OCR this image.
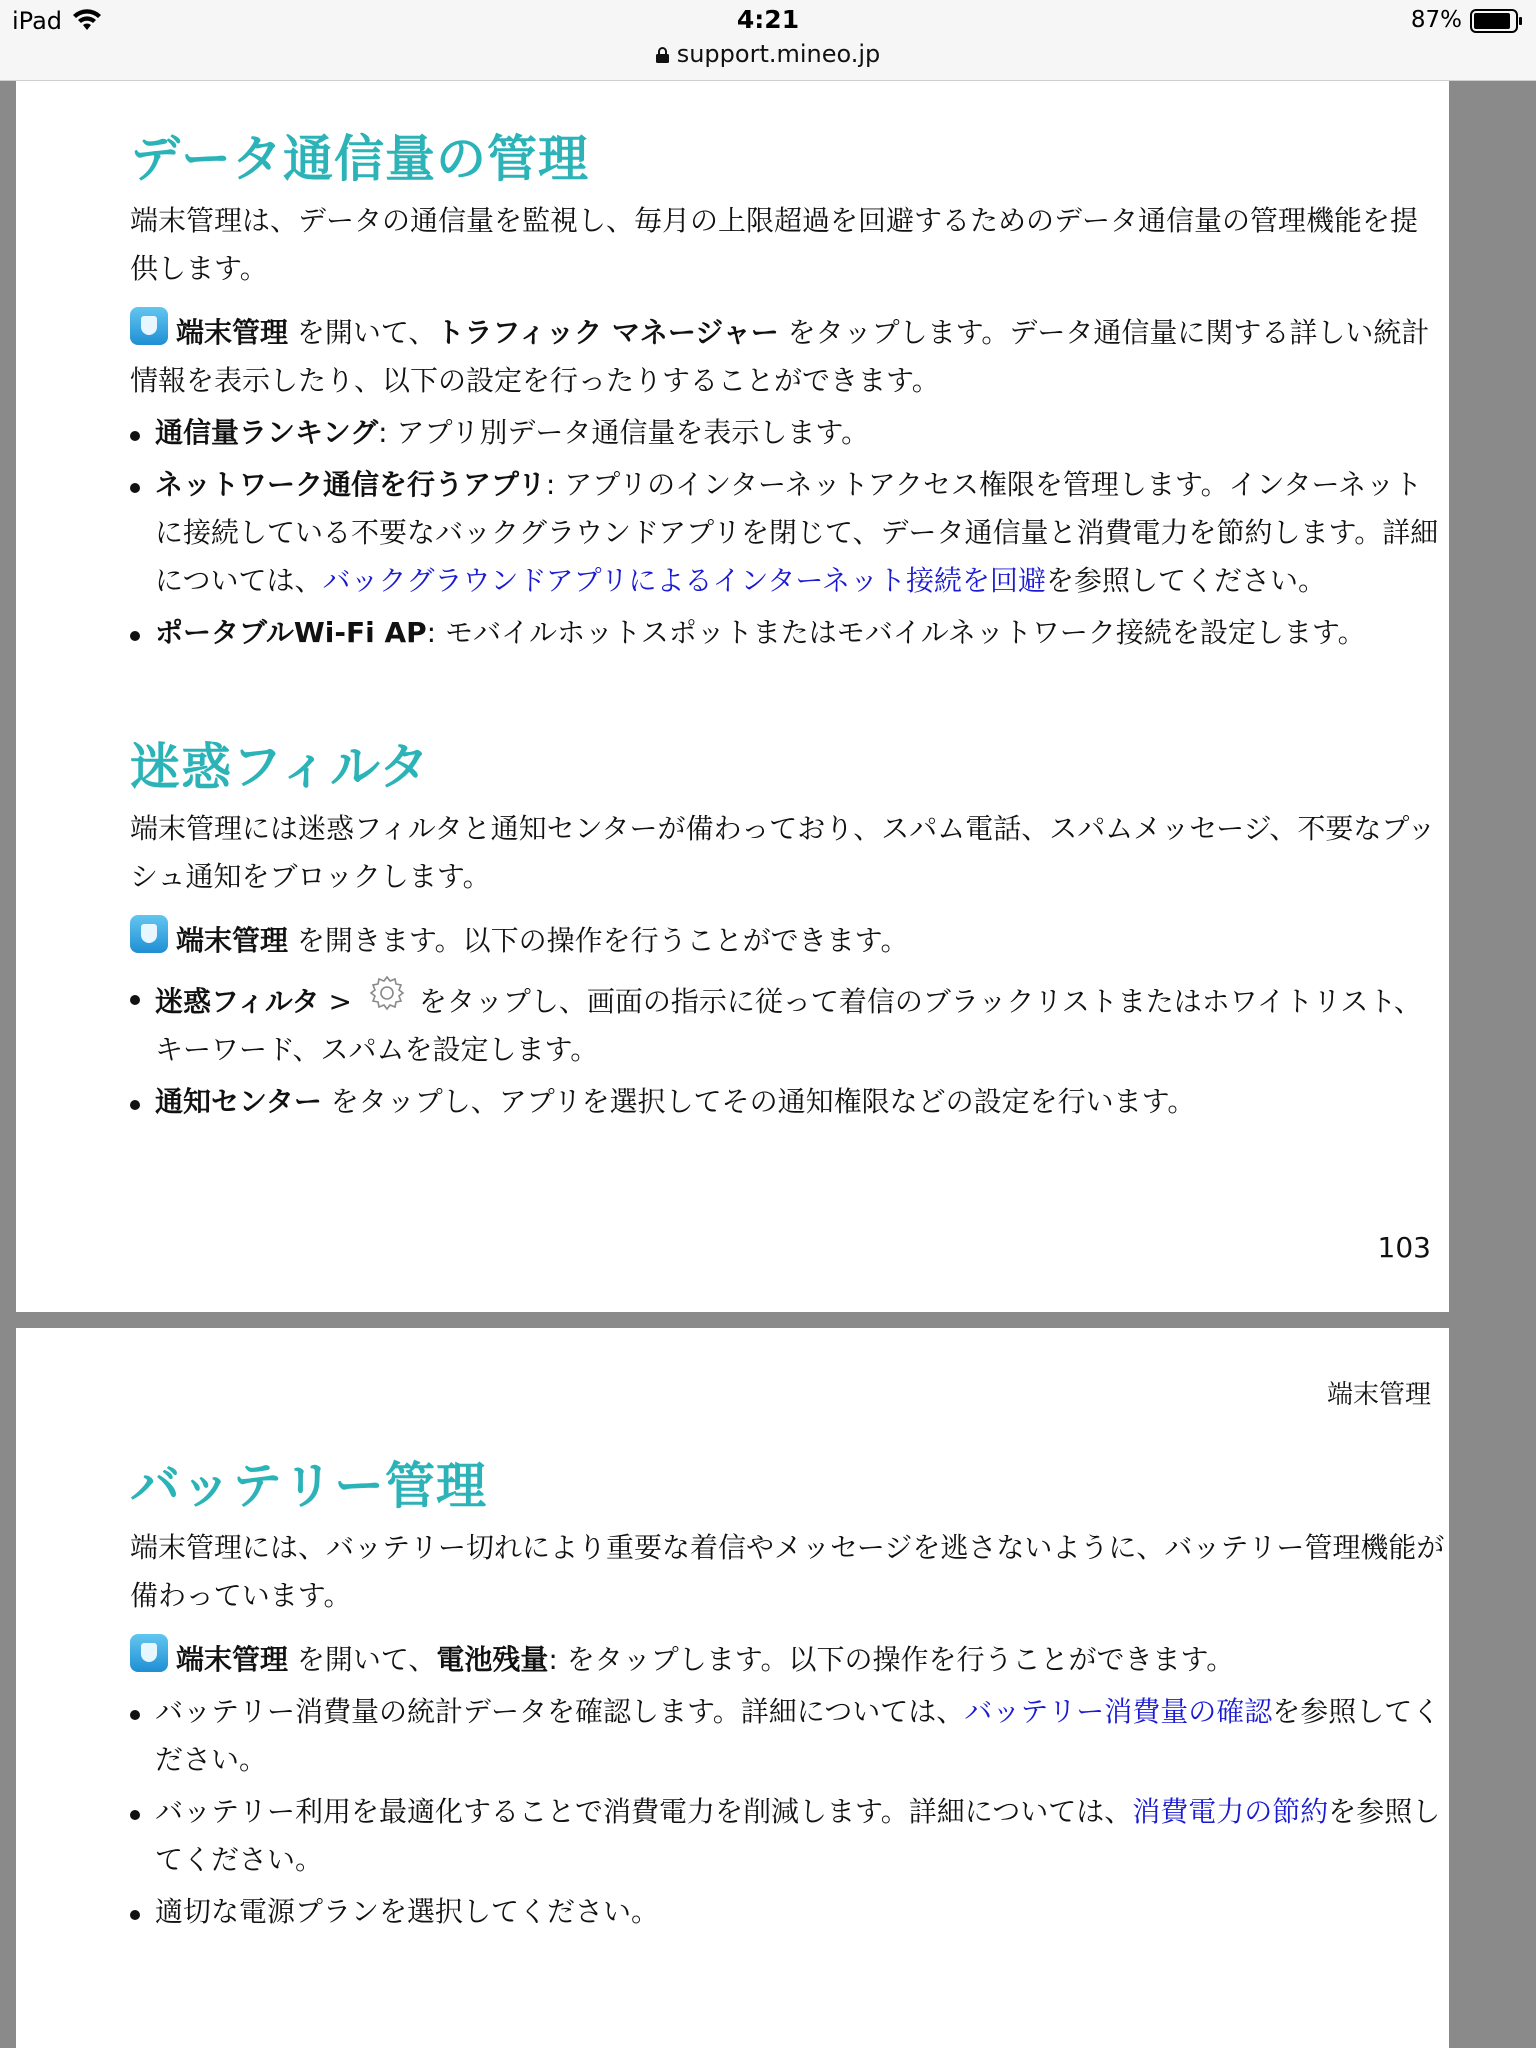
iPad	4:21
support.mineo.jp
87%
データ通信量の管理

端末管理は、データの通信量を監視し、毎月の上限超過を回避するためのデータ通信量の管理機能を提供します。

端末管理 を開いて、トラフィック マネージャー をタップします。データ通信量に関する詳しい統計情報を表示したり、以下の設定を行ったりすることができます。

通信量ランキング: アプリ別データ通信量を表示します。
ネットワーク通信を行うアプリ: アプリのインターネットアクセス権限を管理します。インターネットに接続している不要なバックグラウンドアプリを閉じて、データ通信量と消費電力を節約します。詳細については、バックグラウンドアプリによるインターネット接続を回避を参照してください。
ポータブルWi-Fi AP: モバイルホットスポットまたはモバイルネットワーク接続を設定します。
迷惑フィルタ

端末管理には迷惑フィルタと通知センターが備わっており、スパム電話、スパムメッセージ、不要なプッシュ通知をブロックします。

端末管理 を開きます。以下の操作を行うことができます。

迷惑フィルタ > をタップし、画面の指示に従って着信のブラックリストまたはホワイトリスト、キーワード、スパムを設定します。
通知センター をタップし、アプリを選択してその通知権限などの設定を行います。
103
端末管理
バッテリー管理

端末管理には、バッテリー切れにより重要な着信やメッセージを逃さないように、バッテリー管理機能が備わっています。

端末管理 を開いて、電池残量: をタップします。以下の操作を行うことができます。

バッテリー消費量の統計データを確認します。詳細については、バッテリー消費量の確認を参照してください。
バッテリー利用を最適化することで消費電力を削減します。詳細については、消費電力の節約を参照してください。
適切な電源プランを選択してください。
